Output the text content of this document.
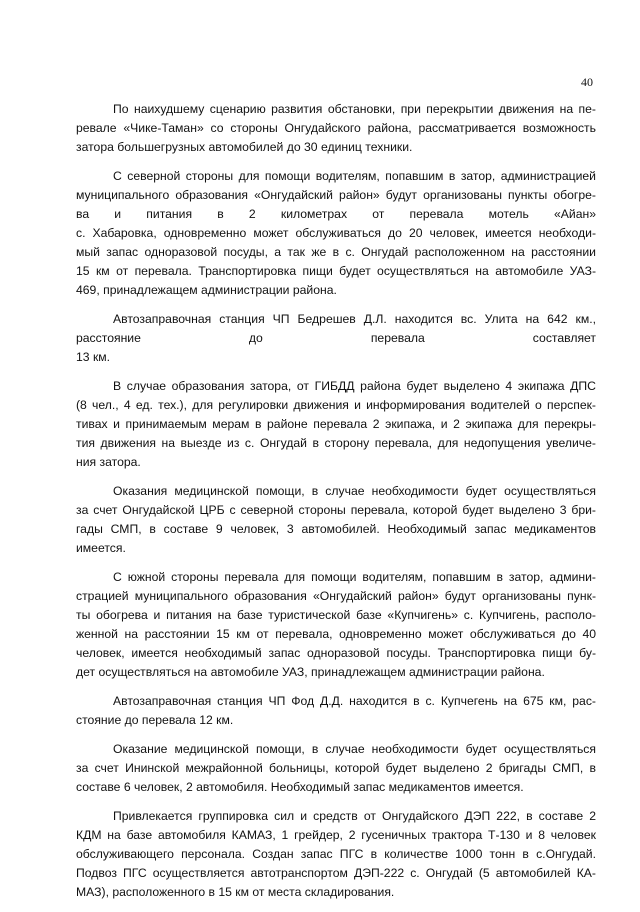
40

По наихудшему сценарию развития обстановки, при перекрытии движения на пе-
ревале «Чике-Таман» со стороны Онгудайского района, рассматривается возможность
затора большегрузных автомобилей до 30 единиц техники.

С северной стороны для помощи водителям, попавшим в затор, администрацией
муниципального образования «Онгудайский район» будут организованы пункты обогре-
ва и питания в 2 километрах от перевала мотель «Айан»
с. Хабаровка, одновременно может обслуживаться до 20 человек, имеется необходи-
мый запас одноразовой посуды, а так же в с. Онгудай расположенном на расстоянии
15 км от перевала. Транспортировка пищи будет осуществляться на автомобиле УАЗ-
469, принадлежащем администрации района.

Автозаправочная станция ЧП Бедрешев Д.Л. находится вс. Улита на 642 км.,
расстояние до перевала составляет
13 км.

В случае образования затора, от ГИБДД района будет выделено 4 экипажа ДПС
(8 чел., 4 ед. тех.), для регулировки движения и информирования водителей о перспек-
тивах и принимаемым мерам в районе перевала 2 экипажа, и 2 экипажа для перекры-
тия движения на выезде из с. Онгудай в сторону перевала, для недопущения увеличе-
ния затора.

Оказания медицинской помощи, в случае необходимости будет осуществляться
за счет Онгудайской ЦРБ с северной стороны перевала, которой будет выделено 3 бри-
гады СМП, в составе 9 человек, 3 автомобилей. Необходимый запас медикаментов
имеется.

С южной стороны перевала для помощи водителям, попавшим в затор, админи-
страцией муниципального образования «Онгудайский район» будут организованы пунк-
ты обогрева и питания на базе туристической базе «Купчигень» с. Купчигень, располо-
женной на расстоянии 15 км от перевала, одновременно может обслуживаться до 40
человек, имеется необходимый запас одноразовой посуды. Транспортировка пищи бу-
дет осуществляться на автомобиле УАЗ, принадлежащем администрации района.

Автозаправочная станция ЧП Фод Д.Д. находится в с. Купчегень на 675 км, рас-
стояние до перевала 12 км.

Оказание медицинской помощи, в случае необходимости будет осуществляться
за счет Ининской межрайонной больницы, которой будет выделено 2 бригады СМП, в
составе 6 человек, 2 автомобиля. Необходимый запас медикаментов имеется.

Привлекается группировка сил и средств от Онгудайского ДЭП 222, в составе 2
КДМ на базе автомобиля КАМАЗ, 1 грейдер, 2 гусеничных трактора Т-130 и 8 человек
обслуживающего персонала. Создан запас ПГС в количестве 1000 тонн в с.Онгудай.
Подвоз ПГС осуществляется автотранспортом ДЭП-222 с. Онгудай (5 автомобилей КА-
МАЗ), расположенного в 15 км от места складирования.
